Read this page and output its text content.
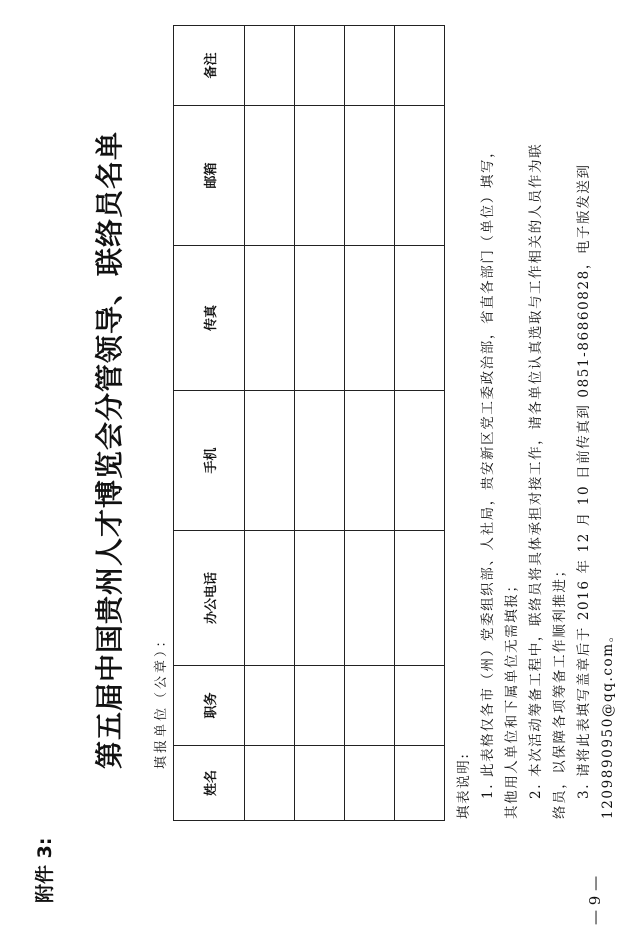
附件 3:
第五届中国贵州人才博览会分管领导、联络员名单	填报单位（公章）：
姓名	职务	办公电话	手机	传真	邮箱	备注

填表说明: 1. 此表格仅各市（州）党委组织部、人社局，贵安新区党工委政治部，省直各部门（单位）填写， 其他用人单位和下属单位无需填报； 2. 本次活动筹备工程中，联络员将具体承担对接工作，请各单位认真选取与工作相关的人员作为联 络员，以保障各项筹备工作顺利推进； 3. 请将此表填写盖章后于 2016 年 12 月 10 日前传真到 0851-86860828，电子版发送到 1209890950@qq.com。

— 9 —
